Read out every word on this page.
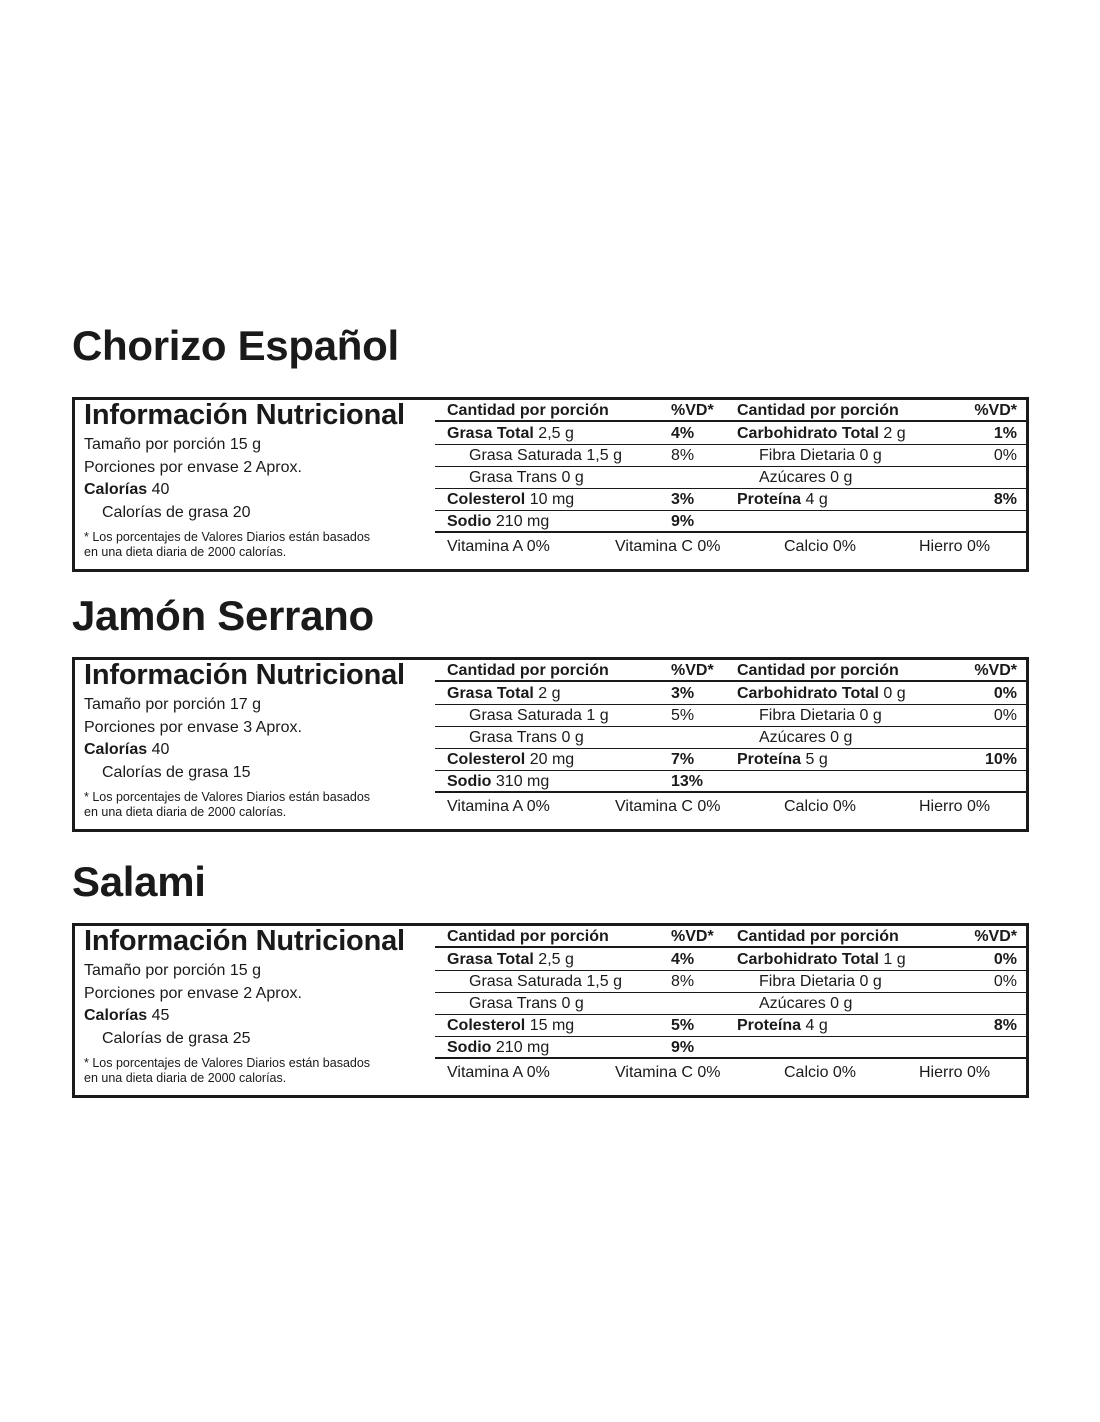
Chorizo Español
Información Nutricional
Tamaño por porción 15 g
Porciones por envase 2 Aprox.
Calorías 40
Calorías de grasa 20
* Los porcentajes de Valores Diarios están basados
en una dieta diaria de 2000 calorías.
Cantidad por porción	%VD* Cantidad por porción	%VD*
Grasa Total 2,5 g	4%	Carbohidrato Total 2 g	1%
Grasa Saturada 1,5 g	8%	Fibra Dietaria 0 g	0%
Grasa Trans 0 g	Azúcares 0 g
Colesterol 10 mg	3%	Proteína 4 g	8%
Sodio 210 mg	9%
Vitamina A 0%	Vitamina C 0%	Calcio 0%	Hierro 0%
Jamón Serrano
Información Nutricional
Tamaño por porción 17 g
Porciones por envase 3 Aprox.
Calorías 40
Calorías de grasa 15
* Los porcentajes de Valores Diarios están basados
en una dieta diaria de 2000 calorías.
Cantidad por porción	%VD* Cantidad por porción	%VD*
Grasa Total 2 g	3%	Carbohidrato Total 0 g	0%
Grasa Saturada 1 g	5%	Fibra Dietaria 0 g	0%
Grasa Trans 0 g	Azúcares 0 g
Colesterol 20 mg	7%	Proteína 5 g	10%
Sodio 310 mg	13%
Vitamina A 0%	Vitamina C 0%	Calcio 0%	Hierro 0%
Salami
Información Nutricional
Tamaño por porción 15 g
Porciones por envase 2 Aprox.
Calorías 45
Calorías de grasa 25
* Los porcentajes de Valores Diarios están basados
en una dieta diaria de 2000 calorías.
Cantidad por porción	%VD* Cantidad por porción	%VD*
Grasa Total 2,5 g	4%	Carbohidrato Total 1 g	0%
Grasa Saturada 1,5 g	8%	Fibra Dietaria 0 g	0%
Grasa Trans 0 g	Azúcares 0 g
Colesterol 15 mg	5%	Proteína 4 g	8%
Sodio 210 mg	9%
Vitamina A 0%	Vitamina C 0%	Calcio 0%	Hierro 0%
